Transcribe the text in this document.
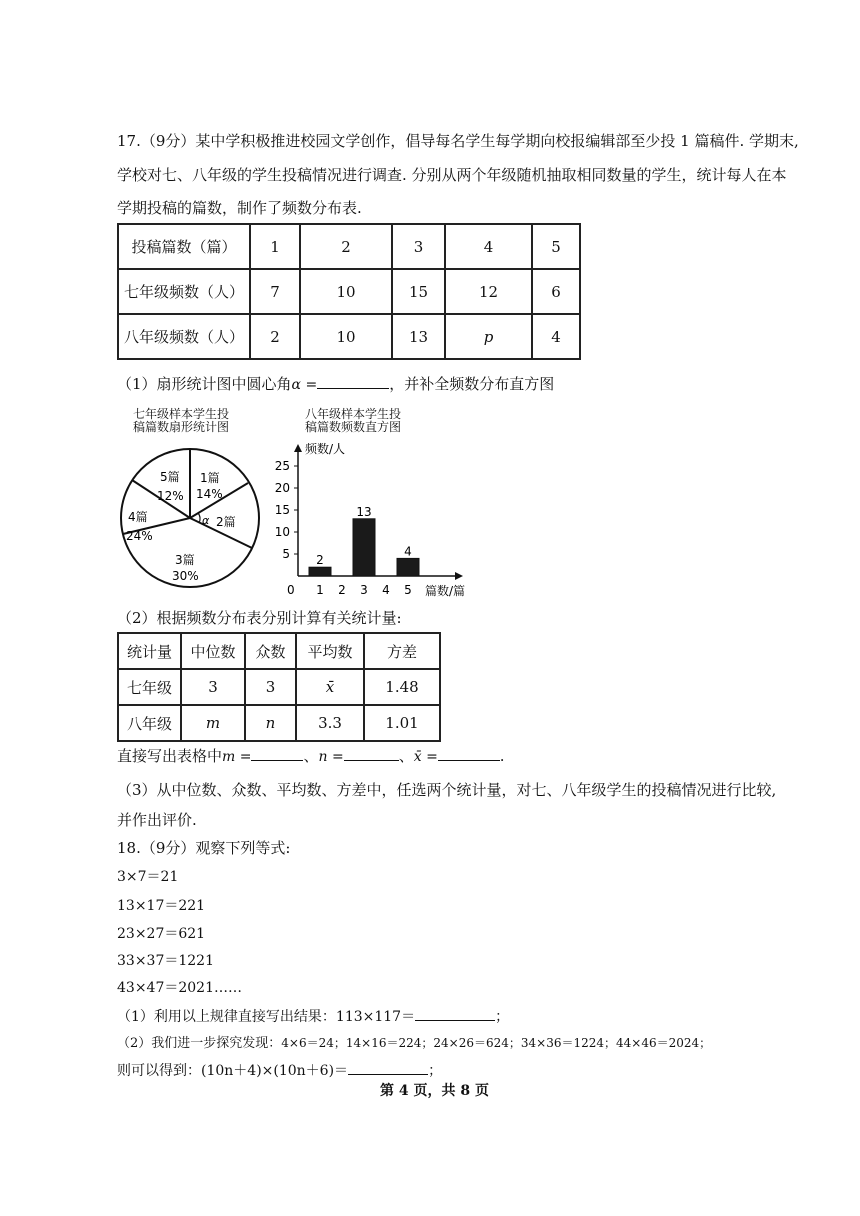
17.（9分）某中学积极推进校园文学创作，倡导每名学生每学期向校报编辑部至少投 1 篇稿件. 学期末,
学校对七、八年级的学生投稿情况进行调查. 分别从两个年级随机抽取相同数量的学生，统计每人在本
学期投稿的篇数，制作了频数分布表.
投稿篇数（篇）	1	2	3	4	5
七年级频数（人）	7	10	15	12	6
八年级频数（人）	2	10	13	p	4
（1）扇形统计图中圆心角α =	，并补全频数分布直方图
七年级样本学生投
稿篇数扇形统计图
α
1篇
14%
2篇
3篇
30%
4篇
24%
5篇
12%
八年级样本学生投
稿篇数频数直方图
频数/人
篇数/篇
0
5
10
15
20
25
1 2 3 4 5
2
13
4
（2）根据频数分布表分别计算有关统计量:
统计量	中位数	众数	平均数	方差
七年级	3	3	x̄	1.48
八年级	m	n	3.3	1.01
直接写出表格中m =	、n =	、x̄ =	.
（3）从中位数、众数、平均数、方差中，任选两个统计量，对七、八年级学生的投稿情况进行比较,
并作出评价.
18.（9分）观察下列等式:
3×7＝21
13×17＝221
23×27＝621
33×37＝1221
43×47＝2021……
（1）利用以上规律直接写出结果：113×117＝	；
（2）我们进一步探究发现：4×6＝24；14×16＝224；24×26＝624；34×36＝1224；44×46＝2024；
则可以得到：(10n＋4)×(10n＋6)＝	；
第 4 页，共 8 页
